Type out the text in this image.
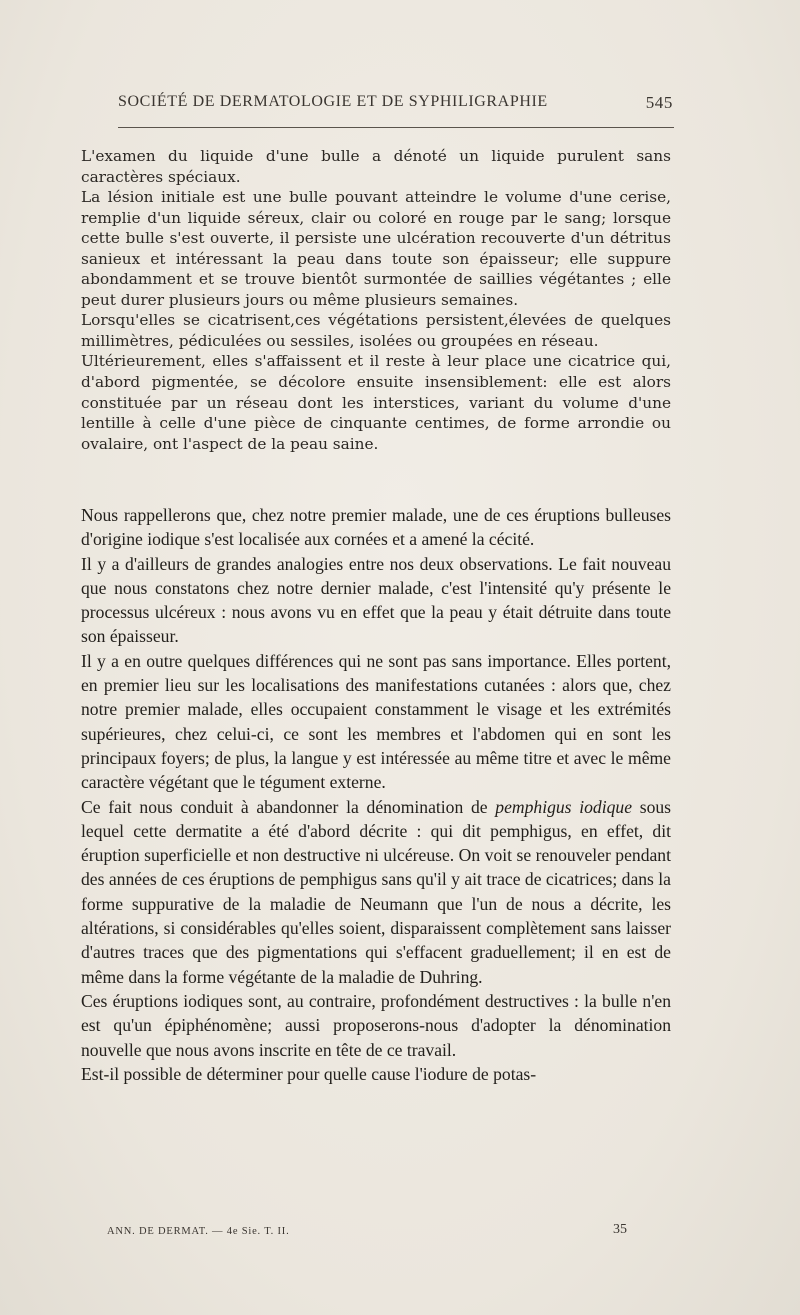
SOCIÉTÉ DE DERMATOLOGIE ET DE SYPHILIGRAPHIE	545

L'examen du liquide d'une bulle a dénoté un liquide purulent sans caractères spéciaux.

La lésion initiale est une bulle pouvant atteindre le volume d'une cerise, remplie d'un liquide séreux, clair ou coloré en rouge par le sang; lorsque cette bulle s'est ouverte, il persiste une ulcération recouverte d'un détritus sanieux et intéressant la peau dans toute son épaisseur; elle suppure abondamment et se trouve bientôt surmontée de saillies végétantes ; elle peut durer plusieurs jours ou même plusieurs semaines.

Lorsqu'elles se cicatrisent,ces végétations persistent,élevées de quelques millimètres, pédiculées ou sessiles, isolées ou groupées en réseau.

Ultérieurement, elles s'affaissent et il reste à leur place une cicatrice qui, d'abord pigmentée, se décolore ensuite insensiblement: elle est alors constituée par un réseau dont les interstices, variant du volume d'une lentille à celle d'une pièce de cinquante centimes, de forme arrondie ou ovalaire, ont l'aspect de la peau saine.

Nous rappellerons que, chez notre premier malade, une de ces éruptions bulleuses d'origine iodique s'est localisée aux cornées et a amené la cécité.

Il y a d'ailleurs de grandes analogies entre nos deux observations. Le fait nouveau que nous constatons chez notre dernier malade, c'est l'intensité qu'y présente le processus ulcéreux : nous avons vu en effet que la peau y était détruite dans toute son épaisseur.

Il y a en outre quelques différences qui ne sont pas sans importance. Elles portent, en premier lieu sur les localisations des manifestations cutanées : alors que, chez notre premier malade, elles occupaient constamment le visage et les extrémités supérieures, chez celui-ci, ce sont les membres et l'abdomen qui en sont les principaux foyers; de plus, la langue y est intéressée au même titre et avec le même caractère végétant que le tégument externe.

Ce fait nous conduit à abandonner la dénomination de pemphigus iodique sous lequel cette dermatite a été d'abord décrite : qui dit pemphigus, en effet, dit éruption superficielle et non destructive ni ulcéreuse. On voit se renouveler pendant des années de ces éruptions de pemphigus sans qu'il y ait trace de cicatrices; dans la forme suppurative de la maladie de Neumann que l'un de nous a décrite, les altérations, si considérables qu'elles soient, disparaissent complètement sans laisser d'autres traces que des pigmentations qui s'effacent graduellement; il en est de même dans la forme végétante de la maladie de Duhring.

Ces éruptions iodiques sont, au contraire, profondément destructives : la bulle n'en est qu'un épiphénomène; aussi proposerons-nous d'adopter la dénomination nouvelle que nous avons inscrite en tête de ce travail.

Est-il possible de déterminer pour quelle cause l'iodure de potas-

ANN. DE DERMAT. — 4e Sie. T. II.	35
